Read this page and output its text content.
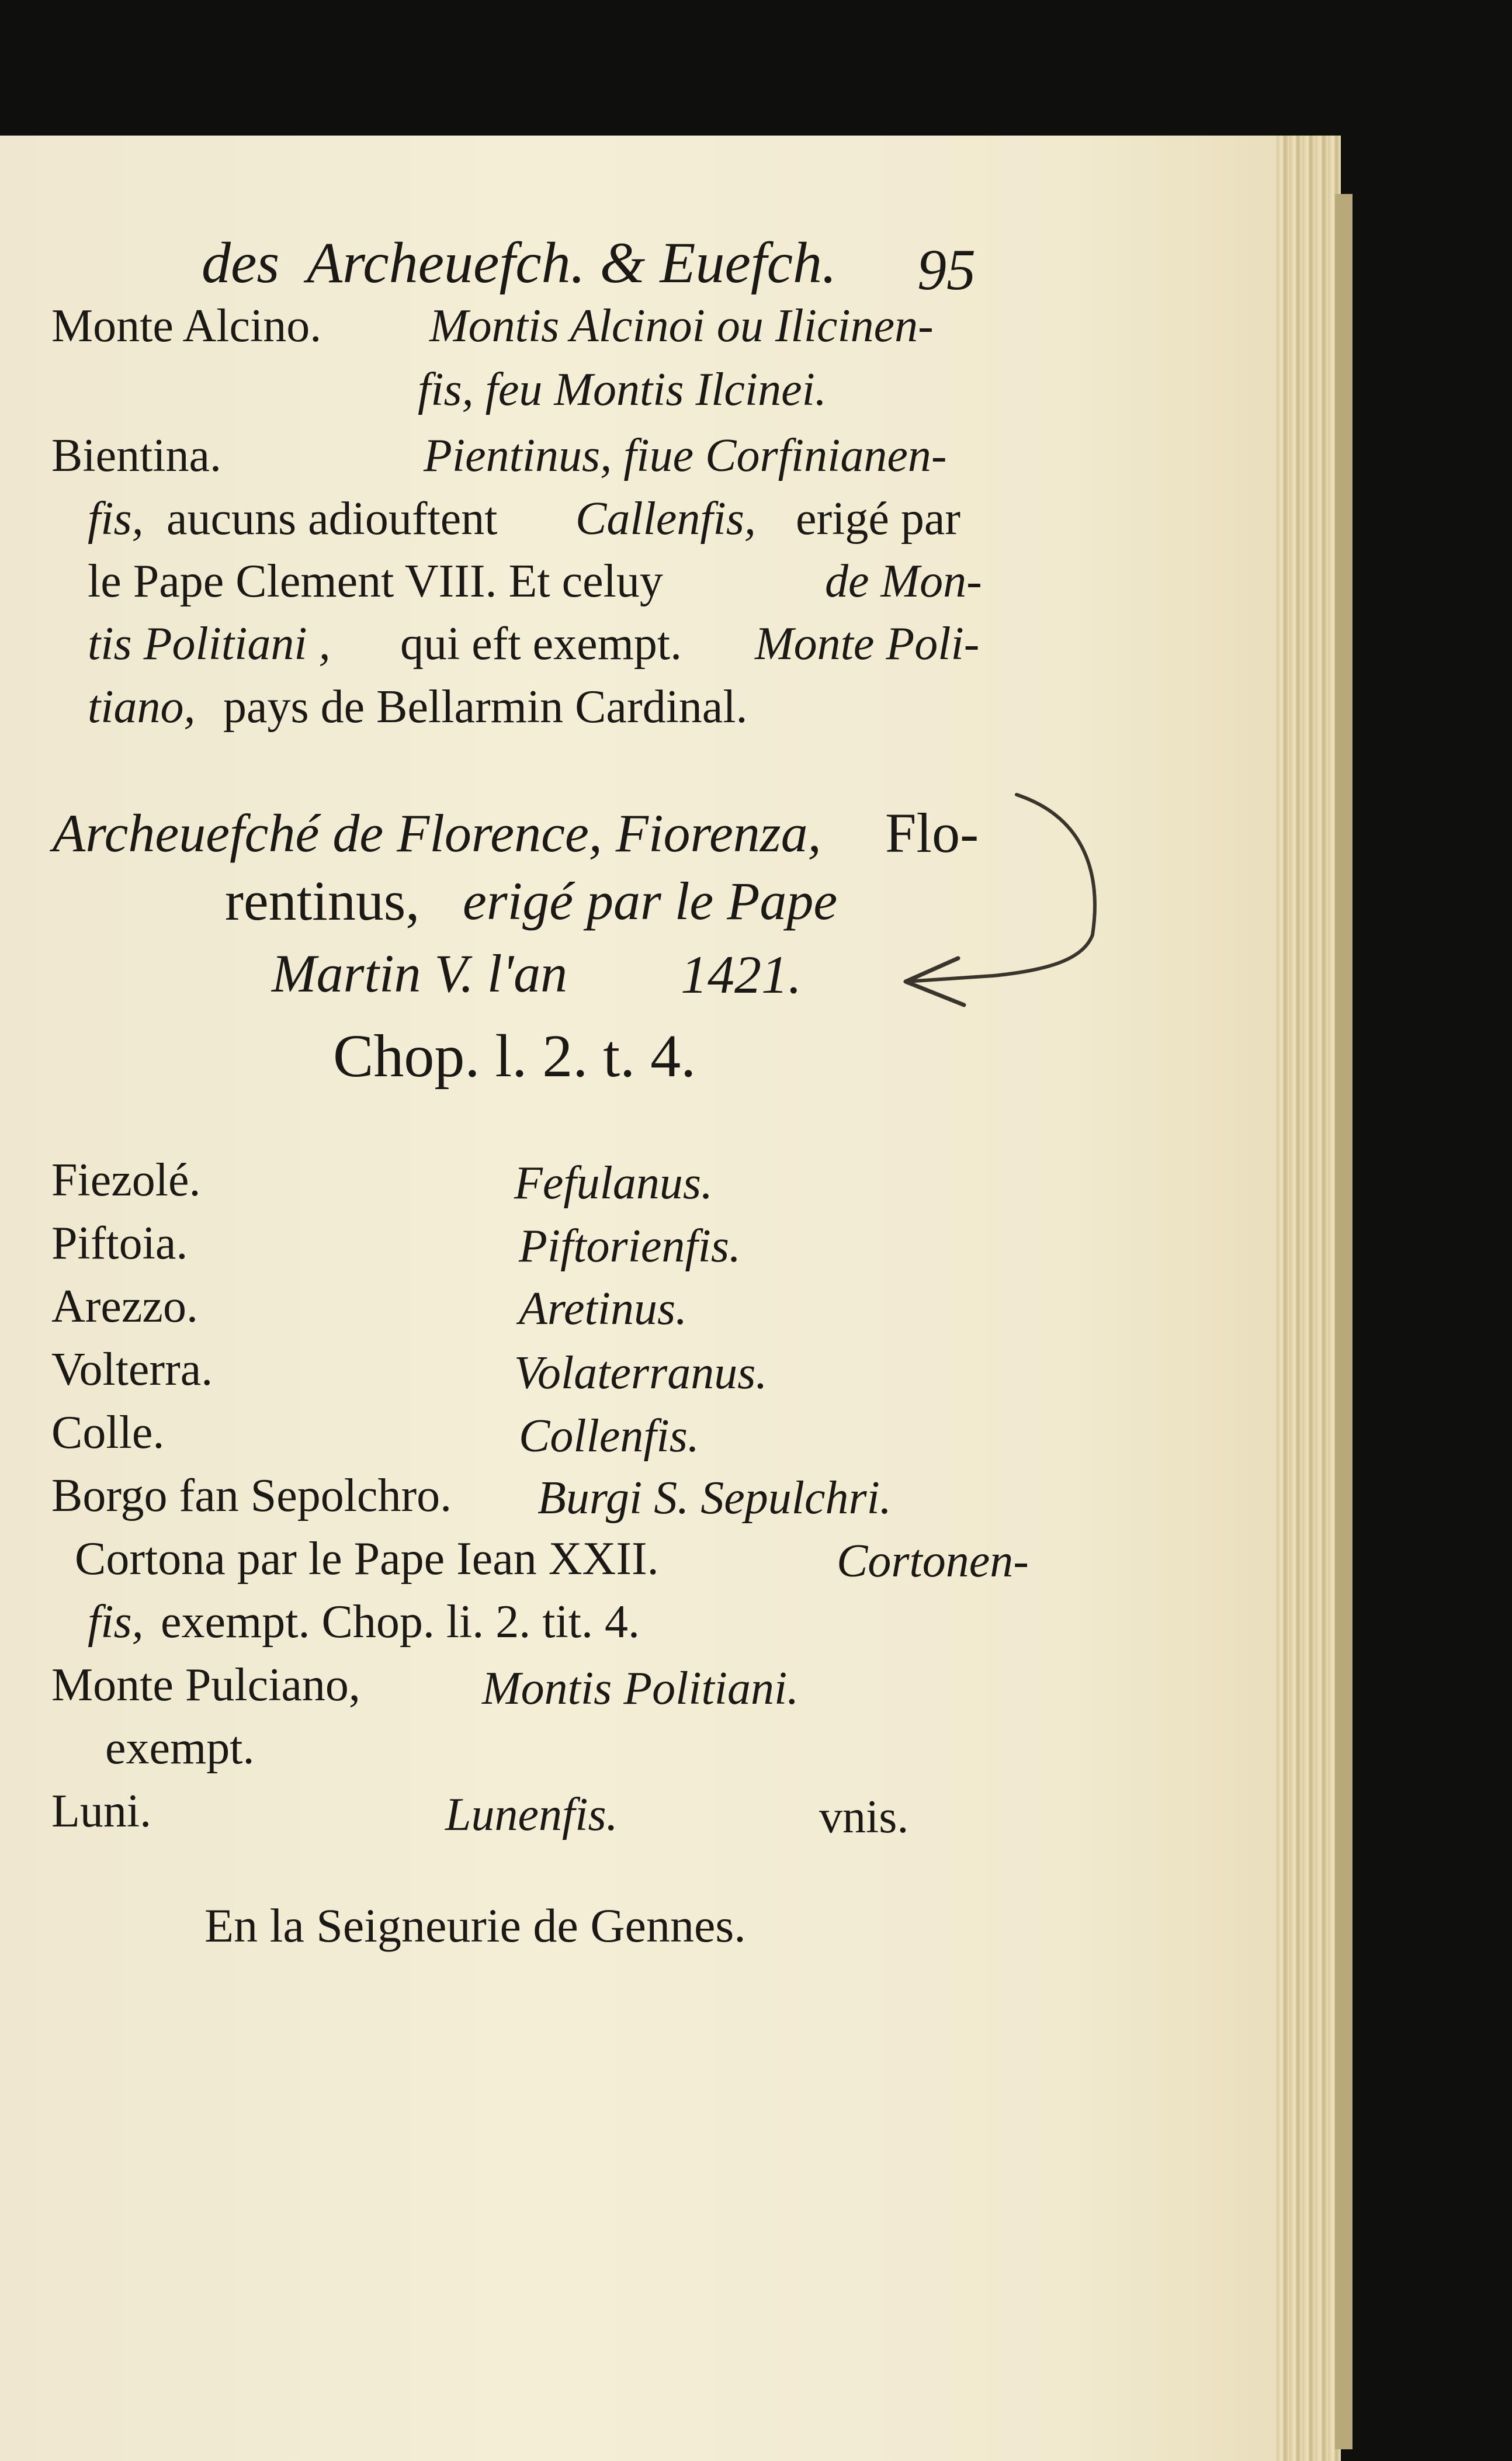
des Archeuefch. & Euefch. 95
Monte Alcino. Montis Alcinoi ou Ilicinen-
fis, feu Montis Ilcinei.
Bientina.	Pientinus, fiue Corfinianen-
fis, aucuns adiouftent Callenfis, erigé par
le Pape Clement VIII. Et celuy	de Mon-
tis Politiani , qui eft exempt. Monte Poli-
tiano, pays de Bellarmin Cardinal.
Archeuefché de Florence, Fiorenza, Flo-
rentinus, erigé par le Pape
Martin V. l'an 1421.
Chop. l. 2. t. 4.
Fiezolé.	Fefulanus.
Piftoia.	Piftorienfis.
Arezzo.	Aretinus.
Volterra.	Volaterranus.
Colle.	Collenfis.
Borgo fan Sepolchro. Burgi S. Sepulchri.
Cortona par le Pape Iean XXII.	Cortonen-
fis, exempt. Chop. li. 2. tit. 4.
Monte Pulciano,	Montis Politiani.
exempt.
Luni.	Lunenfis.	vnis.
En la Seigneurie de Gennes.
